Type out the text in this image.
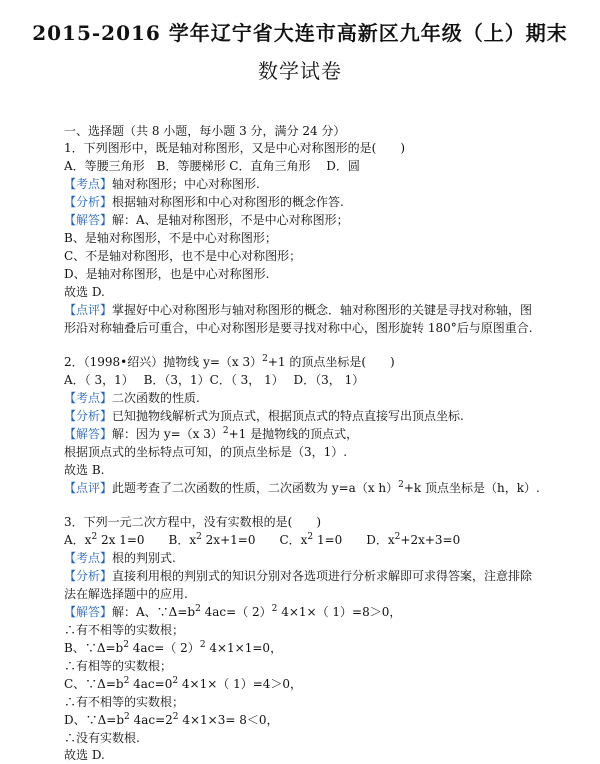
2015-2016 学年辽宁省大连市高新区九年级（上）期末
数学试卷
一、选择题（共 8 小题，每小题 3 分，满分 24 分）
1．下列图形中，既是轴对称图形，又是中心对称图形的是(　　)
A．等腰三角形　B．等腰梯形 C．直角三角形　 D．圆
【考点】轴对称图形；中心对称图形.
【分析】根据轴对称图形和中心对称图形的概念作答.
【解答】解：A、是轴对称图形，不是中心对称图形；
B、是轴对称图形，不是中心对称图形；
C、不是轴对称图形，也不是中心对称图形；
D、是轴对称图形，也是中心对称图形.
故选 D.
【点评】掌握好中心对称图形与轴对称图形的概念．轴对称图形的关键是寻找对称轴，图
形沿对称轴叠后可重合，中心对称图形是要寻找对称中心，图形旋转 180°后与原图重合.
2．（1998•绍兴）抛物线 y=（x 3）$^2$+1 的顶点坐标是(　　)
A．（ 3，1）　 B．（3，1）C．（ 3， 1）　 D．（3， 1）
【考点】二次函数的性质.
【分析】已知抛物线解析式为顶点式，根据顶点式的特点直接写出顶点坐标.
【解答】解：因为 y=（x 3）$^2$+1 是抛物线的顶点式，
根据顶点式的坐标特点可知，的顶点坐标是（3，1）.
故选 B.
【点评】此题考查了二次函数的性质，二次函数为 y=a（x h）$^2$+k 顶点坐标是（h，k）.
3．下列一元二次方程中，没有实数根的是(　　)
A．$x^2$ 2x 1=0　　B．$x^2$ 2x+1=0　　C．$x^2$ 1=0　　D．$x^2+2x+3=0$
【考点】根的判别式.
【分析】直接利用根的判别式的知识分别对各选项进行分析求解即可求得答案，注意排除
法在解选择题中的应用.
【解答】解：A、$\because\Delta=b^2$ 4ac=（ 2）$^2$ 4×1×（ 1）=8＞0，
∴有不相等的实数根；
B、$\because\Delta=b^2$ 4ac=（ 2）$^2$ 4×1×1=0，
∴有相等的实数根；
C、$\because\Delta=b^2$ $4ac=0^2$ 4×1×（ 1）=4＞0，
∴有不相等的实数根；
D、$\because\Delta=b^2$ $4ac=2^2$ 4×1×3= 8＜0，
∴没有实数根.
故选 D.
